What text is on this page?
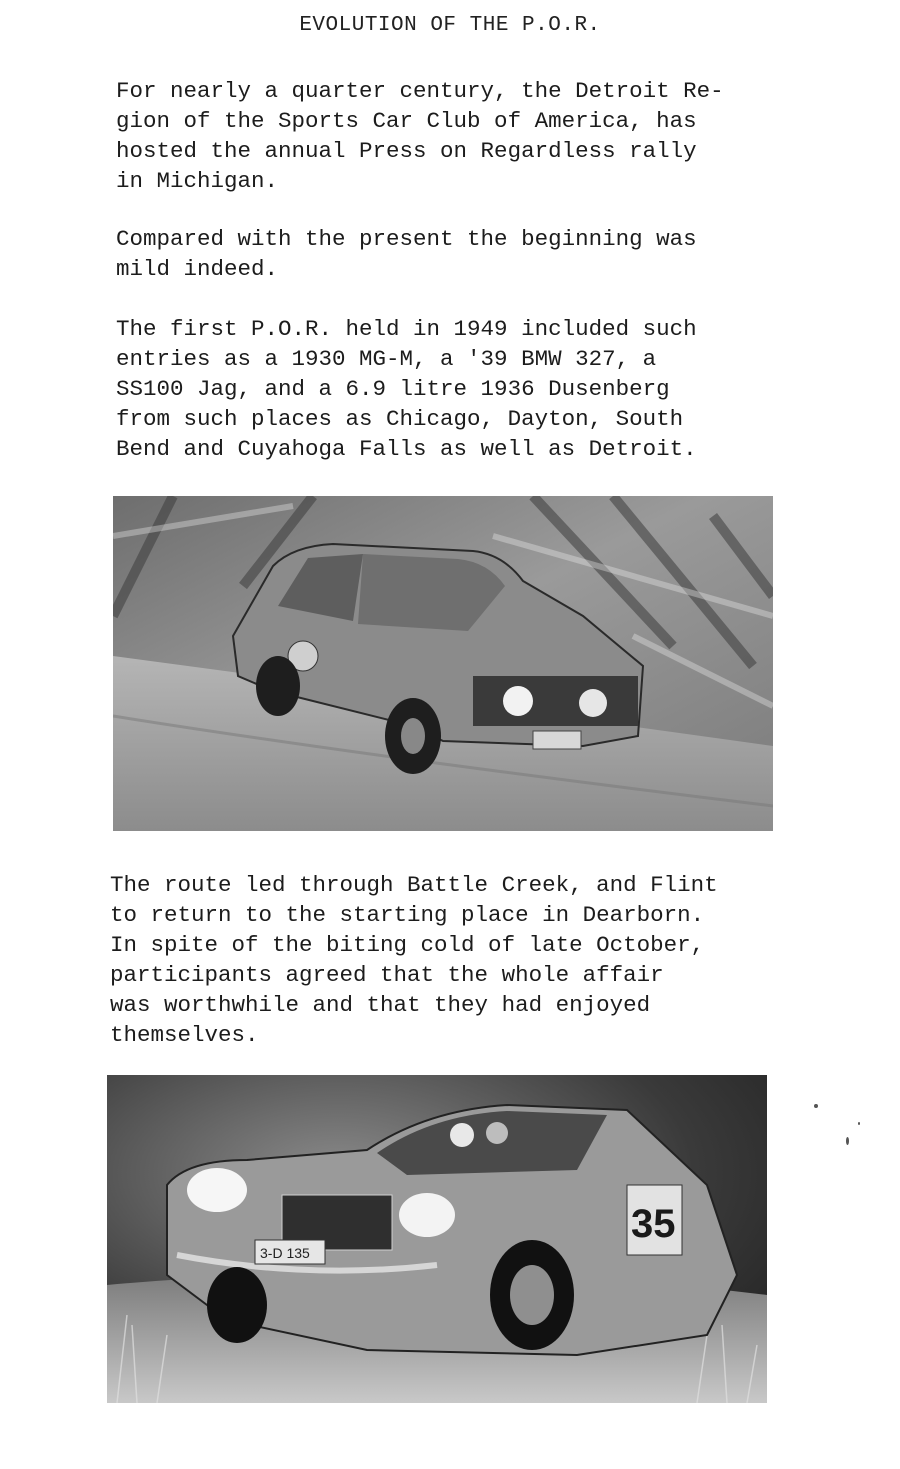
EVOLUTION OF THE P.O.R.
For nearly a quarter century, the Detroit Re-
gion of the Sports Car Club of America, has
hosted the annual Press on Regardless rally
in Michigan.
Compared with the present the beginning was
mild indeed.
The first P.O.R. held in 1949 included such
entries as a 1930 MG-M, a '39 BMW 327, a
SS100 Jag, and a 6.9 litre 1936 Dusenberg
from such places as Chicago, Dayton, South
Bend and Cuyahoga Falls as well as Detroit.
The route led through Battle Creek, and Flint
to return to the starting place in Dearborn.
In spite of the biting cold of late October,
participants agreed that the whole affair
was worthwhile and that they had enjoyed
themselves.
3-D 135
35
